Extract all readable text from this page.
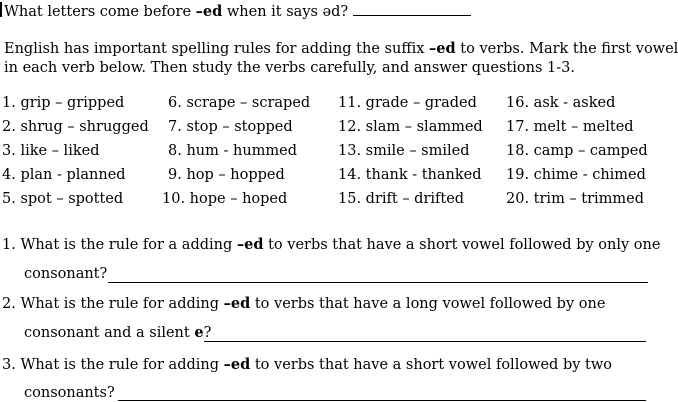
What letters come before –ed when it says əd?
English has important spelling rules for adding the suffix –ed to verbs. Mark the first vowel
in each verb below. Then study the verbs carefully, and answer questions 1-3.
1. grip – gripped	6. scrape – scraped 11. grade – graded 16. ask - asked
2. shrug – shrugged 7. stop – stopped	12. slam – slammed 17. melt – melted
3. like – liked	8. hum - hummed	13. smile – smiled	18. camp – camped
4. plan - planned	9. hop – hopped	14. thank - thanked 19. chime - chimed
5. spot – spotted	10. hope – hoped	15. drift – drifted	20. trim – trimmed
1. What is the rule for a adding –ed to verbs that have a short vowel followed by only one
consonant?
2. What is the rule for adding –ed to verbs that have a long vowel followed by one
consonant and a silent e?
3. What is the rule for adding –ed to verbs that have a short vowel followed by two
consonants?
